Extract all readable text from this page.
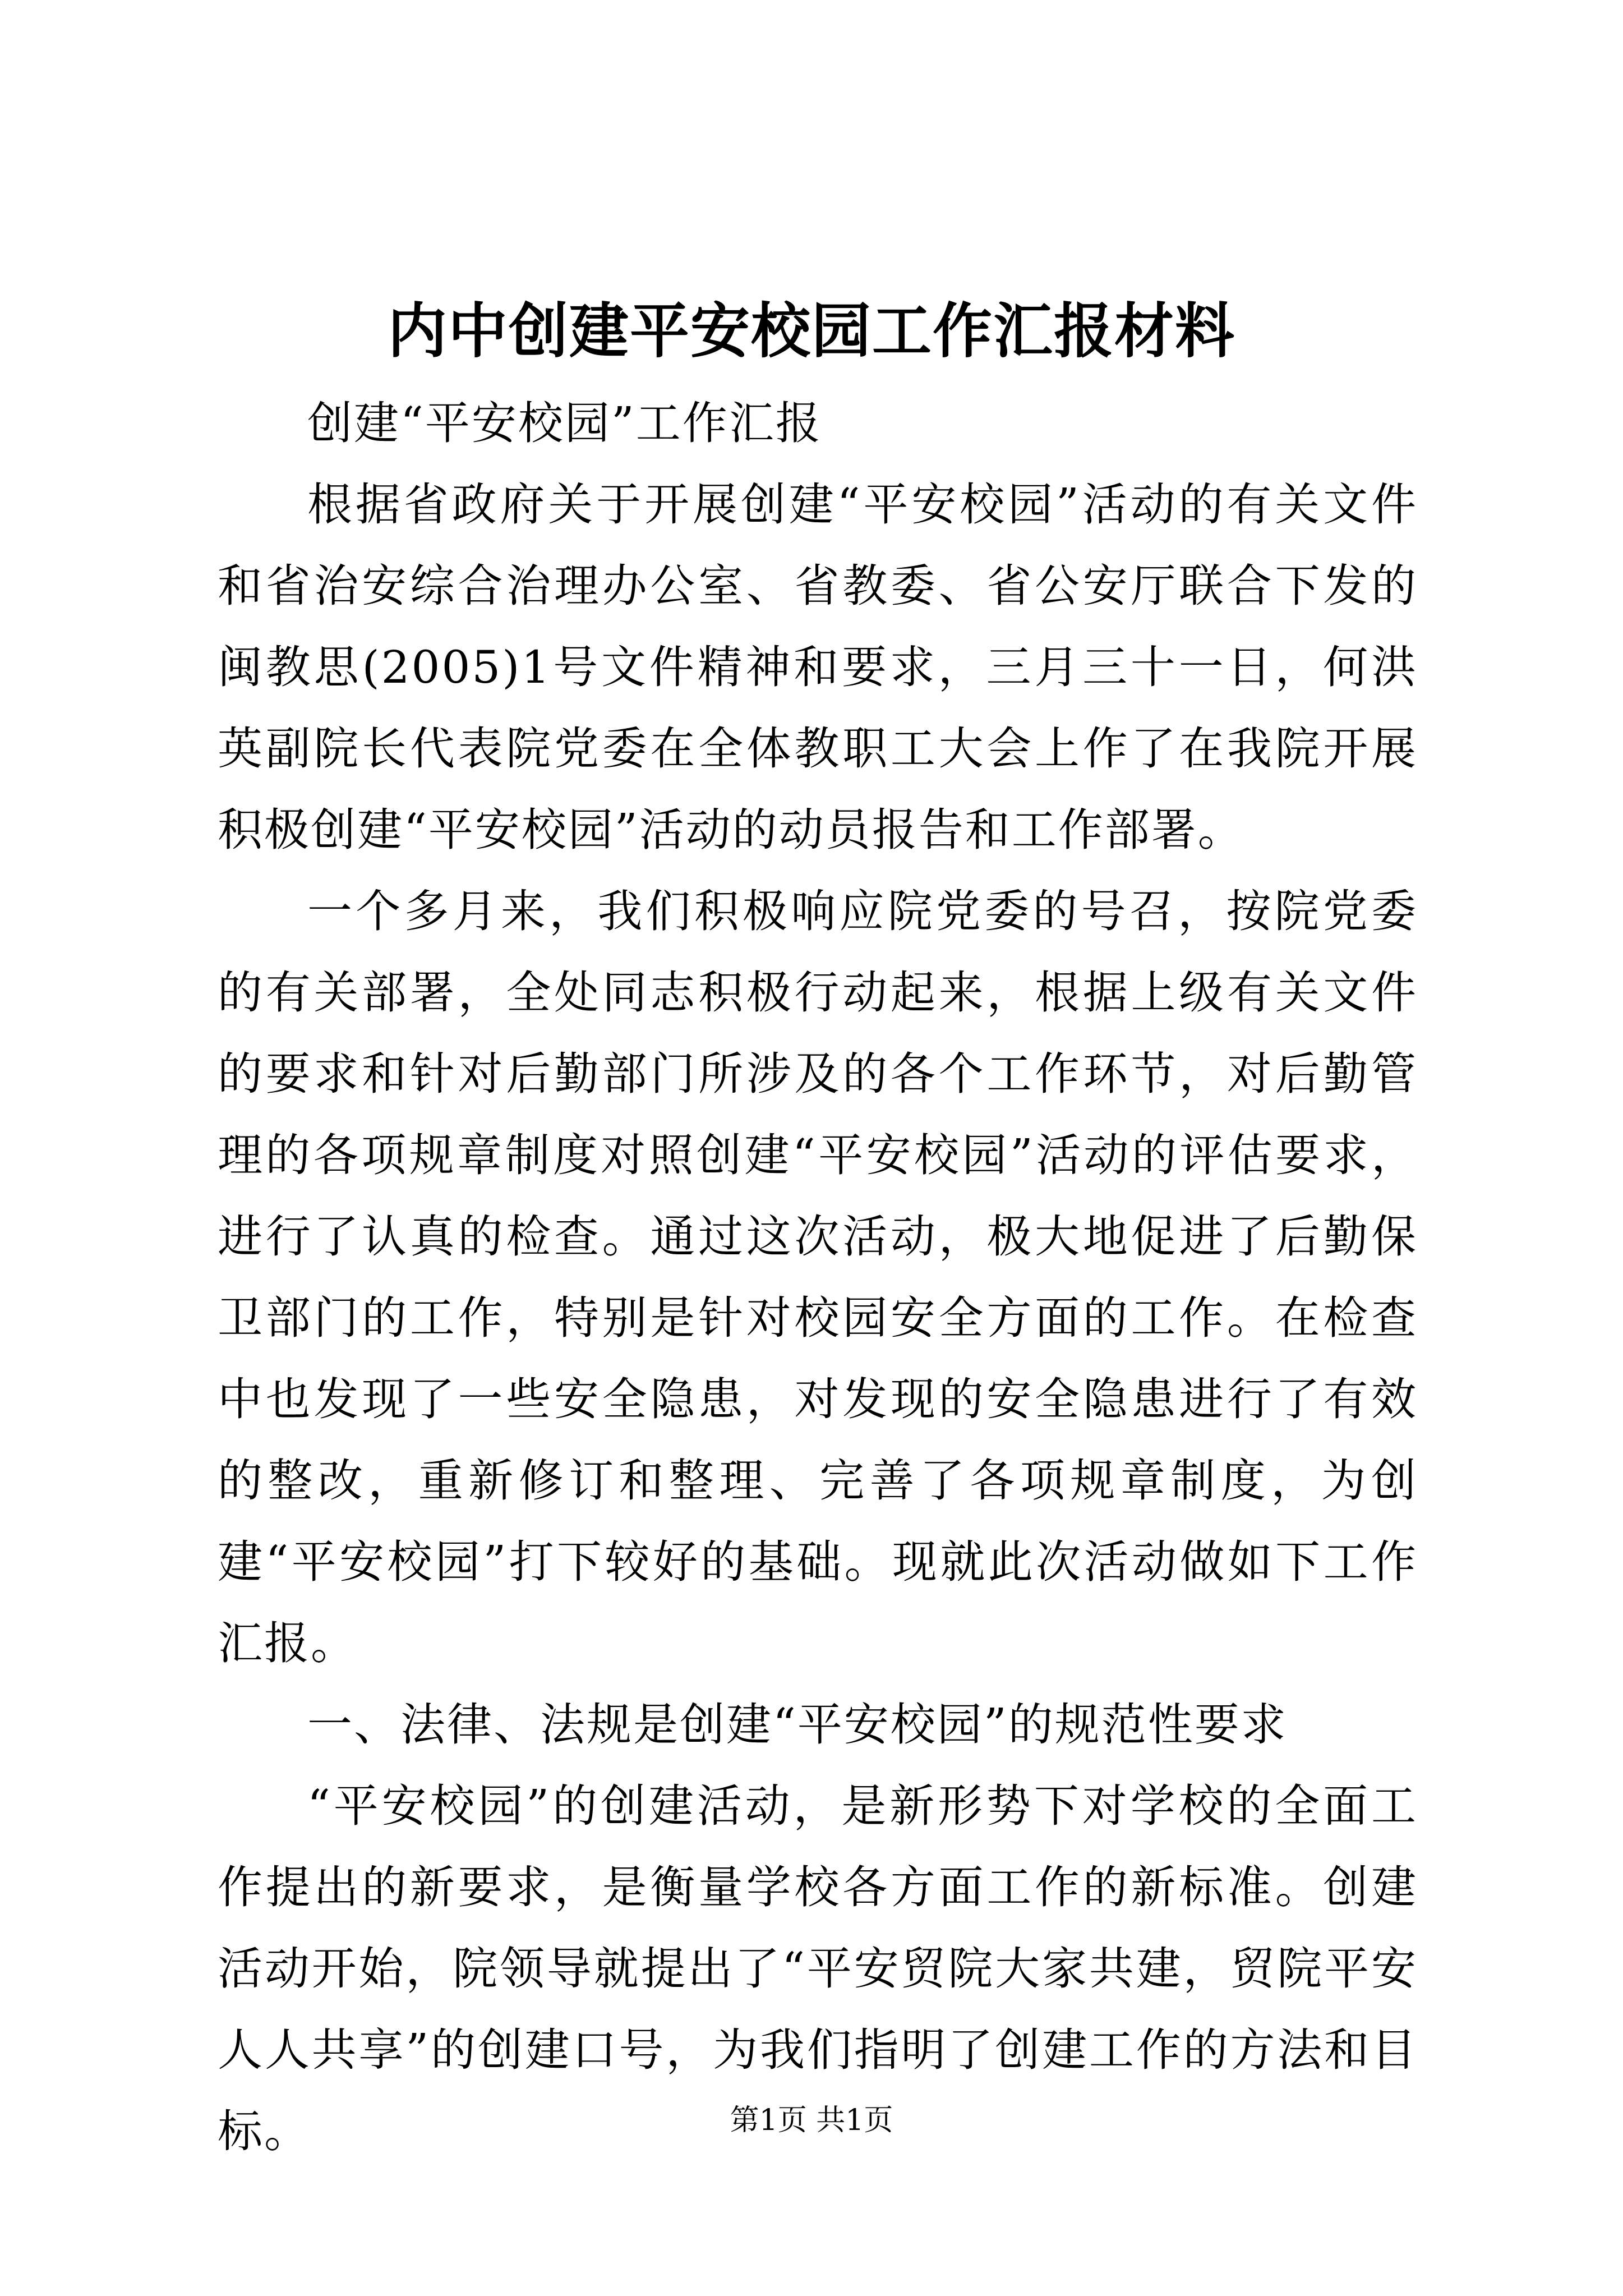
内中创建平安校园工作汇报材料

创建“平安校园”工作汇报

根据省政府关于开展创建“平安校园”活动的有关文件和省治安综合治理办公室、省教委、省公安厅联合下发的闽教思(2005)1号文件精神和要求，三月三十一日，何洪英副院长代表院党委在全体教职工大会上作了在我院开展积极创建“平安校园”活动的动员报告和工作部署。

一个多月来，我们积极响应院党委的号召，按院党委的有关部署，全处同志积极行动起来，根据上级有关文件的要求和针对后勤部门所涉及的各个工作环节，对后勤管理的各项规章制度对照创建“平安校园”活动的评估要求，进行了认真的检查。通过这次活动，极大地促进了后勤保卫部门的工作，特别是针对校园安全方面的工作。在检查中也发现了一些安全隐患，对发现的安全隐患进行了有效的整改，重新修订和整理、完善了各项规章制度，为创建“平安校园”打下较好的基础。现就此次活动做如下工作汇报。

一、法律、法规是创建“平安校园”的规范性要求

“平安校园”的创建活动，是新形势下对学校的全面工作提出的新要求，是衡量学校各方面工作的新标准。创建活动开始，院领导就提出了“平安贸院大家共建，贸院平安人人共享”的创建口号，为我们指明了创建工作的方法和目标。	第1页 共1页
